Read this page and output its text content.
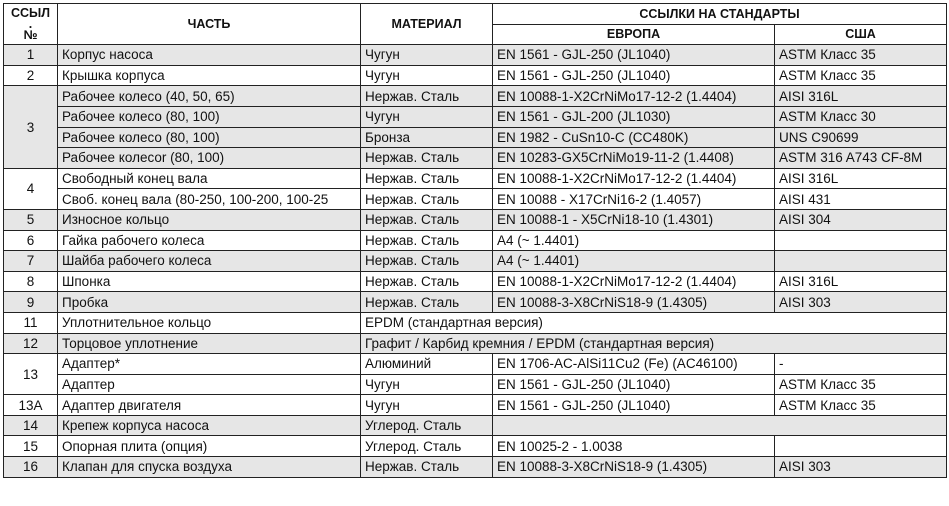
ССЫЛ
.
№	ЧАСТЬ	МАТЕРИАЛ	ССЫЛКИ НА СТАНДАРТЫ	
			ЕВРОПА	США
1	Корпус насоса	Чугун	EN 1561 - GJL-250 (JL1040)	ASTM Класс 35
2	Крышка корпуса	Чугун	EN 1561 - GJL-250 (JL1040)	ASTM Класс 35
3	Рабочее колесо (40, 50, 65)	Нержав. Сталь	EN 10088-1-X2CrNiMo17-12-2 (1.4404)	AISI 316L
	Рабочее колесо (80, 100)	Чугун	EN 1561 - GJL-200 (JL1030)	ASTM Класс 30
	Рабочее колесо (80, 100)	Бронза	EN 1982 - CuSn10-C (CC480K)	UNS C90699
	Рабочее колесоr (80, 100)	Нержав. Сталь	EN 10283-GX5CrNiMo19-11-2 (1.4408)	ASTM 316 A743 CF-8M
4	Свободный конец вала	Нержав. Сталь	EN 10088-1-X2CrNiMo17-12-2 (1.4404)	AISI 316L
	Своб. конец вала (80-250, 100-200, 100-25	Нержав. Сталь	EN 10088 - X17CrNi16-2 (1.4057)	AISI 431
5	Износное кольцо	Нержав. Сталь	EN 10088-1 - X5CrNi18-10 (1.4301)	AISI 304
6	Гайка рабочего колеса	Нержав. Сталь	A4 (~ 1.4401)	
7	Шайба рабочего колеса	Нержав. Сталь	A4 (~ 1.4401)	
8	Шпонка	Нержав. Сталь	EN 10088-1-X2CrNiMo17-12-2 (1.4404)	AISI 316L
9	Пробка	Нержав. Сталь	EN 10088-3-X8CrNiS18-9 (1.4305)	AISI 303
11	Уплотнительное кольцо	EPDM (стандартная версия)		
12	Торцовое уплотнение	Графит / Карбид кремния / EPDM (стандартная версия)		
13	Адаптер*	Алюминий	EN 1706-AC-AlSi11Cu2 (Fe) (AC46100)	-
	Адаптер	Чугун	EN 1561 - GJL-250 (JL1040)	ASTM Класс 35
13A	Адаптер двигателя	Чугун	EN 1561 - GJL-250 (JL1040)	ASTM Класс 35
14	Крепеж корпуса насоса	Углерод. Сталь		
15	Опорная плита (опция)	Углерод. Сталь	EN 10025-2 - 1.0038	
16	Клапан для спуска воздуха	Нержав. Сталь	EN 10088-3-X8CrNiS18-9 (1.4305)	AISI 303
